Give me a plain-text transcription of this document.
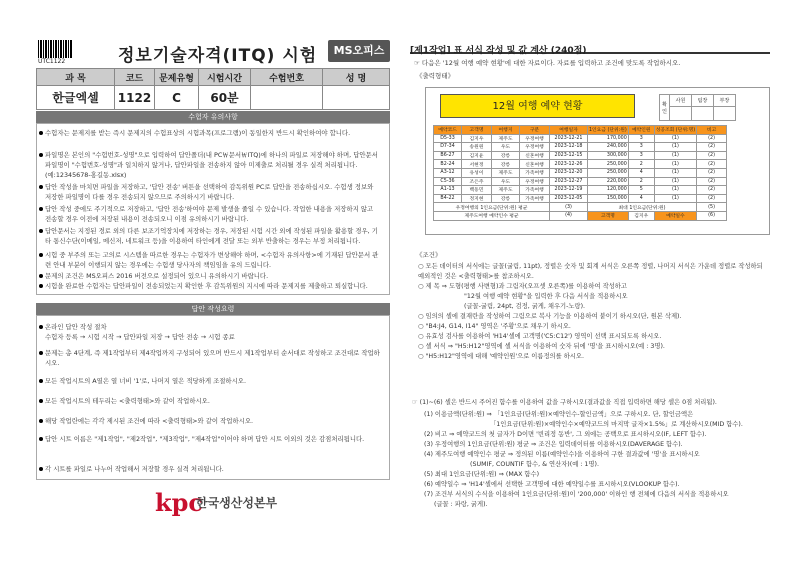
UTC1122	정보기술자격(ITQ) 시험	MS오피스
과 목	코드	문제유형	시험시간	수험번호	성 명
한글엑셀	1122	C	60분		
수험자 유의사항
수험자는 문제지를 받는 즉시 문제지의 수험표상의 시험과목(프로그램)이 동일한지 반드시 확인하여야 합니다.
파일명은 본인의 "수험번호-성명"으로 입력하여 답안폴더(내 PC￦문서￦ITQ)에 하나의 파일로 저장해야 하며, 답안문서 파일명이 "수험번호-성명"과 일치하지 않거나, 답안파일을 전송하지 않아 미제출로 처리될 경우 실격 처리됩니다.(예:12345678-홍길동.xlsx)
답안 작성을 마치면 파일을 저장하고, '답안 전송' 버튼을 선택하여 감독위원 PC로 답안을 전송하십시오. 수험생 정보와 저장한 파일명이 다를 경우 전송되지 않으므로 주의하시기 바랍니다.
답안 작성 중에도 주기적으로 저장하고, '답안 전송'하여야 문제 발생을 줄일 수 있습니다. 작업한 내용을 저장하지 않고 전송할 경우 이전에 저장된 내용이 전송되오니 이점 유의하시기 바랍니다.
답안문서는 지정된 경로 외의 다른 보조기억장치에 저장하는 경우, 저장된 시험 시간 외에 작성된 파일을 활용할 경우, 기타 통신수단(이메일, 메신저, 네트워크 등)을 이용하여 타인에게 전달 또는 외부 반출하는 경우는 부정 처리됩니다.
시험 중 부주의 또는 고의로 시스템을 따르한 경우는 수험자가 변상해야 하며, <수험자 유의사항>에 기재된 답안문서 관련 안내 부분이 이행되지 않는 경우에는 수험생 당사자의 책임임을 유의 드립니다.
문제의 조건은 MS오피스 2016 버전으로 설정되어 있으니 유의하시기 바랍니다.
시험을 완료한 수험자는 답안파일이 전송되었는지 확인한 후 감독위원의 지시에 따라 문제지를 제출하고 퇴실합니다.
답안 작성요령
온라인 답안 작성 절차
수험자 등록 → 시험 시작 → 답안파일 저장 → 답안 전송 → 시험 종료
문제는 총 4단계, 즉 제1작업부터 제4작업까지 구성되어 있으며 반드시 제1작업부터 순서대로 작성하고 조건대로 작업하시오.
모든 작업시트의 A열은 열 너비 '1'로, 나머지 열은 적당하게 조절하시오.
모든 작업시트의 테두리는 <출력형태>와 같이 작업하시오.
해당 작업란에는 각각 제시된 조건에 따라 <출력형태>와 같이 작업하시오.
답안 시트 이름은 "제1작업", "제2작업", "제3작업", "제4작업"이어야 하며 답안 시트 이외의 것은 감점처리됩니다.
각 시트를 파일로 나누어 작업해서 저장할 경우 실격 처리됩니다.
kpc
한국생산성본부
[제1작업] 표 서식 작성 및 값 계산 (240점)
☞ 다음은 '12월 여행 예약 현황'에 대한 자료이다. 자료를 입력하고 조건에 맞도록 작업하시오.
《출력형태》
12월 여행 예약 현황	확인	사원	팀장	부장

예약코드	고객명	여행지	구분	여행일자	1인요금 (단위:원)	예약인원	성공조회 (단위:명)	비고
D5-33	김지우	제주도	우정여행	2023-12-21	170,000	3	(1)	(2)
D7-34	송원원	우도	우정여행	2023-12-18	240,000	3	(1)	(2)
B6-27	김지윤	강릉	신혼여행	2023-12-15	300,000	3	(1)	(2)
B2-24	서현정	강릉	신혼여행	2023-12-26	250,000	2	(1)	(2)
A3-12	유성이	제주도	가족여행	2023-12-20	250,000	4	(1)	(2)
C5-36	조은주	우도	우정여행	2023-12-27	220,000	2	(1)	(2)
A1-13	백동민	제주도	가족여행	2023-12-19	120,000	5	(1)	(2)
B4-22	정지현	강릉	가족여행	2023-12-05	150,000	4	(1)	(2)
우정여행의 1인요금(단위:원) 평균				(3)	최대 1인요금(단위:원)			(5)
제주도여행 예약인수 평균				(4)	고객명	김지우	예약일수	(6)
《조건》
○ 모든 데이터의 서식에는 글꼴(굴림, 11pt), 정렬은 숫자 및 회계 서식은 오른쪽 정렬, 나머지 서식은 가운데 정렬로 작성하되 예외적인 것은 <출력형태>를 참조하시오.
○ 제 목 ⇒ 도형(평행 사변형)과 그림자(오프셋 오른쪽)를 이용하여 작성하고
"12월 여행 예약 현황"을 입력한 후 다음 서식을 적용하시오
(글꼴-굴림, 24pt, 검정, 굵게, 채우기-노랑).
○ 임의의 셀에 결재란을 작성하여 그림으로 복사 기능을 이용하여 붙이기 하시오(단, 원본 삭제).
○ "B4:J4, G14, I14" 영역은 '주황'으로 채우기 하시오.
○ 유효성 검사를 이용하여 'H14'셀에 고객명('C5:C12') 영역이 선택 표시되도록 하시오.
○ 셀 서식 ⇒ "H5:H12"영역에 셀 서식을 이용하여 숫자 뒤에 '명'을 표시하시오(예 : 3명).
○ "H5:H12"영역에 대해 '예약인원'으로 이름정의를 하시오.
☞ (1)~(6) 셀은 반드시 주어진 함수를 이용하여 값을 구하시오(결과값을 직접 입력하면 해당 셀은 0점 처리됨).
(1) 이용금액(단위:원) ⇒ 「1인요금(단위:원)×예약인수-할인금액」으로 구하시오. 단, 할인금액은
「1인요금(단위:원)×예약인수×예약코드의 마지막 글자×1.5%」로 계산하시오(MID 함수).
(2) 비고 ⇒ 예약코드의 첫 글자가 D이면 '빈리정 동반', 그 외에는 공백으로 표시하시오(IF, LEFT 함수).
(3) 우정여행의 1인요금(단위:원) 평균 ⇒ 조건은 입력데이터를 이용하시오(DAVERAGE 함수).
(4) 제주도여행 예약인수 평균 ⇒ 정의된 이름(예약인수)을 이용하여 구한 결과값에 '명'을 표시하시오
(SUMIF, COUNTIF 함수, & 연산자)(예 : 1명).
(5) 최대 1인요금(단위:원) ⇒ (MAX 함수)
(6) 예약일수 ⇒ 'H14'셀에서 선택한 고객명에 대한 예약일수를 표시하시오(VLOOKUP 함수).
(7) 조건부 서식의 수식을 이용하여 1인요금(단위:원)이 '200,000' 이하인 행 전체에 다음의 서식을 적용하시오
(글꼴 : 파랑, 굵게).
